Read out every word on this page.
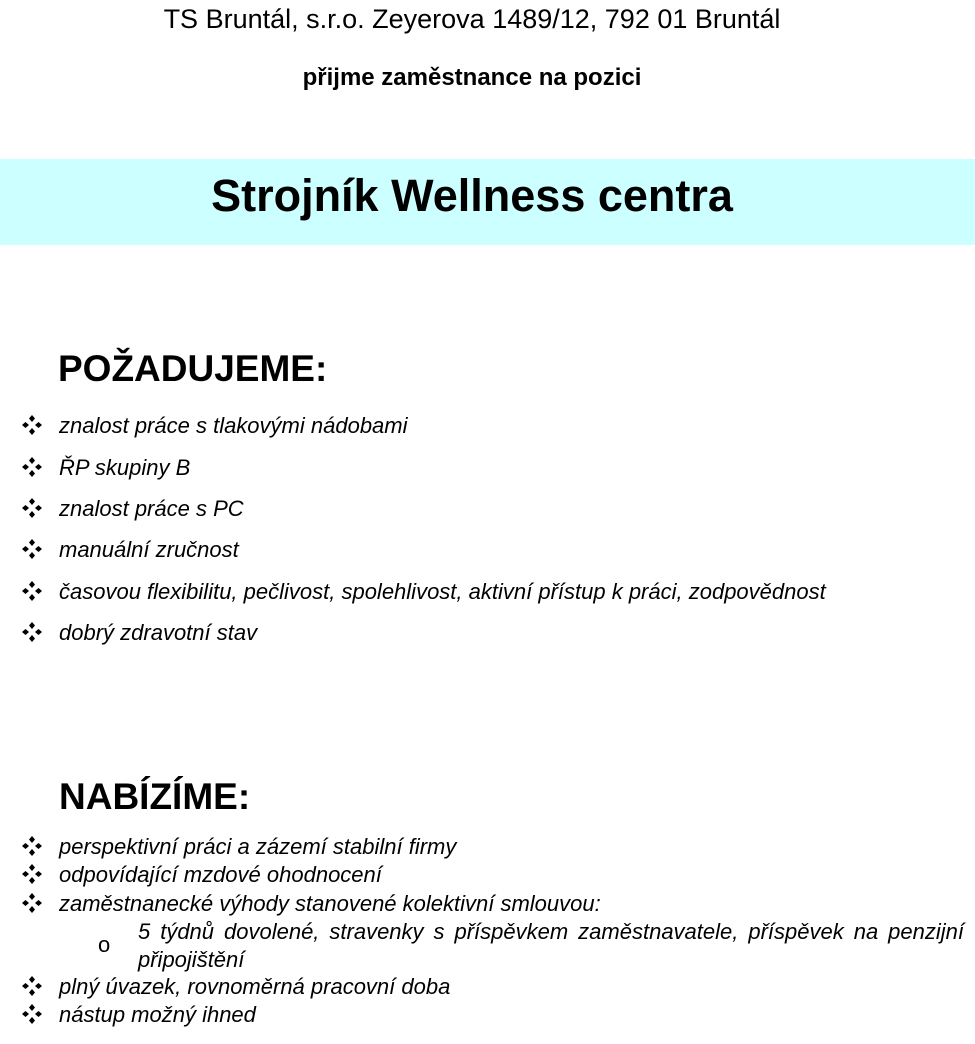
TS Bruntál, s.r.o. Zeyerova 1489/12, 792 01 Bruntál
přijme zaměstnance na pozici
Strojník Wellness centra
POŽADUJEME:
znalost práce s tlakovými nádobami
ŘP skupiny B
znalost práce s PC
manuální zručnost
časovou flexibilitu, pečlivost, spolehlivost, aktivní přístup k práci, zodpovědnost
dobrý zdravotní stav
NABÍZÍME:
perspektivní práci a zázemí stabilní firmy
odpovídající mzdové ohodnocení
zaměstnanecké výhody stanovené kolektivní smlouvou:
o
5 týdnů dovolené, stravenky s příspěvkem zaměstnavatele, příspěvek na penzijní připojištění
plný úvazek, rovnoměrná pracovní doba
nástup možný ihned
